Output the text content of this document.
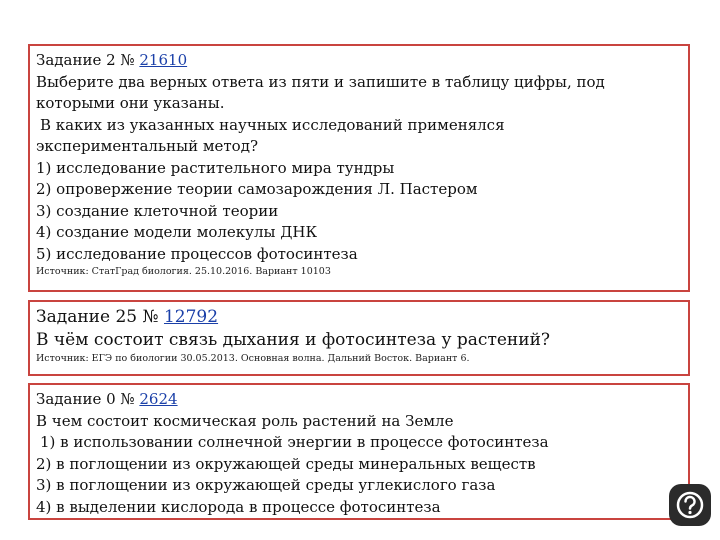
Задание 2 № 21610
Выберите два верных ответа из пяти и запишите в таблицу цифры, под
которыми они указаны.
В каких из указанных научных исследований применялся
экспериментальный метод?
1) исследование растительного мира тундры
2) опровержение теории самозарождения Л. Пастером
3) создание клеточной теории
4) создание модели молекулы ДНК
5) исследование процессов фотосинтеза
Источник: СтатГрад биология. 25.10.2016. Вариант 10103
Задание 25 № 12792
В чём состоит связь дыхания и фотосинтеза у растений?
Источник: ЕГЭ по биологии 30.05.2013. Основная волна. Дальний Восток. Вариант 6.
Задание 0 № 2624
В чем состоит космическая роль растений на Земле
1) в использовании солнечной энергии в процессе фотосинтеза
2) в поглощении из окружающей среды минеральных веществ
3) в поглощении из окружающей среды углекислого газа
4) в выделении кислорода в процессе фотосинтеза
